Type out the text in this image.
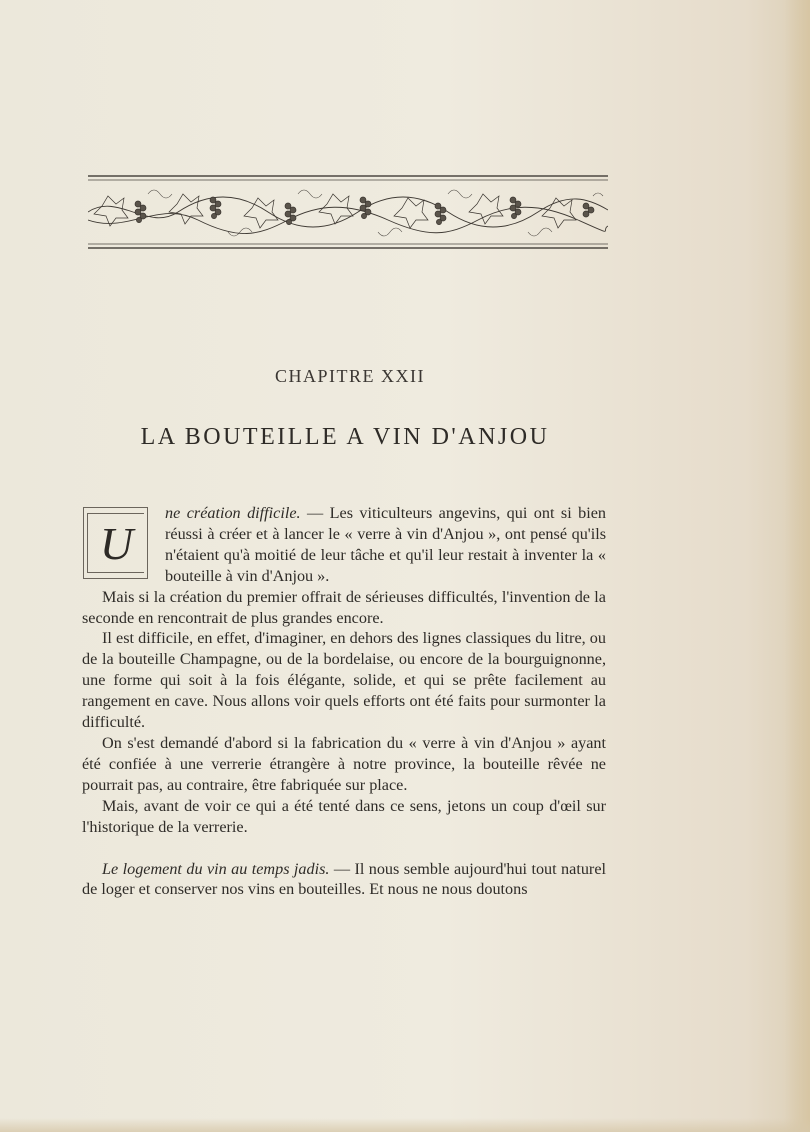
CHAPITRE XXII
LA BOUTEILLE A VIN D'ANJOU
U

ne création difficile. — Les viticulteurs angevins, qui ont si bien réussi à créer et à lancer le « verre à vin d'Anjou », ont pensé qu'ils n'étaient qu'à moitié de leur tâche et qu'il leur restait à inventer la « bouteille à vin d'Anjou ».

Mais si la création du premier offrait de sérieuses difficultés, l'invention de la seconde en rencontrait de plus grandes encore.

Il est difficile, en effet, d'imaginer, en dehors des lignes classiques du litre, ou de la bouteille Champagne, ou de la bordelaise, ou encore de la bourguignonne, une forme qui soit à la fois élégante, solide, et qui se prête facilement au rangement en cave. Nous allons voir quels efforts ont été faits pour surmonter la difficulté.

On s'est demandé d'abord si la fabrication du « verre à vin d'Anjou » ayant été confiée à une verrerie étrangère à notre province, la bouteille rêvée ne pourrait pas, au contraire, être fabriquée sur place.

Mais, avant de voir ce qui a été tenté dans ce sens, jetons un coup d'œil sur l'historique de la verrerie.

Le logement du vin au temps jadis. — Il nous semble aujourd'hui tout naturel de loger et conserver nos vins en bouteilles. Et nous ne nous doutons
